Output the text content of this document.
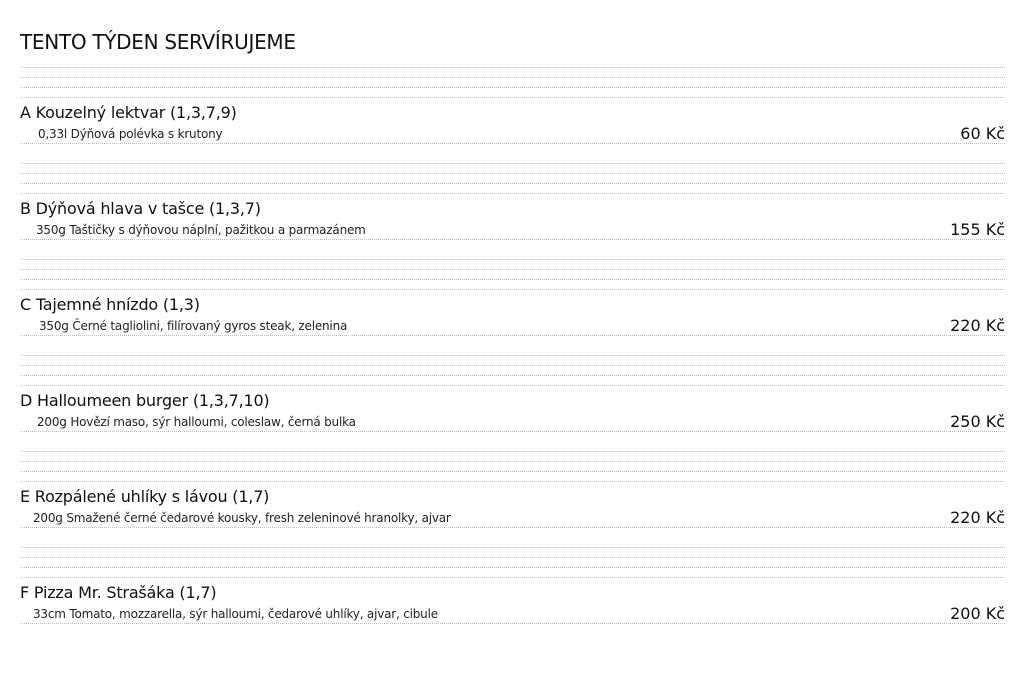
TENTO TÝDEN SERVÍRUJEME
A Kouzelný lektvar (1,3,7,9)
0,33l Dýňová polévka s krutony	60 Kč
B Dýňová hlava v tašce (1,3,7)
350g Taštičky s dýňovou náplní, pažitkou a parmazánem	155 Kč
C Tajemné hnízdo (1,3)
350g Černé tagliolini, filírovaný gyros steak, zelenina	220 Kč
D Halloumeen burger (1,3,7,10)
200g Hovězí maso, sýr halloumi, coleslaw, černá bulka	250 Kč
E Rozpálené uhlíky s lávou (1,7)
200g Smažené černé čedarové kousky, fresh zeleninové hranolky, ajvar	220 Kč
F Pizza Mr. Strašáka (1,7)
33cm Tomato, mozzarella, sýr halloumi, čedarové uhlíky, ajvar, cibule	200 Kč
